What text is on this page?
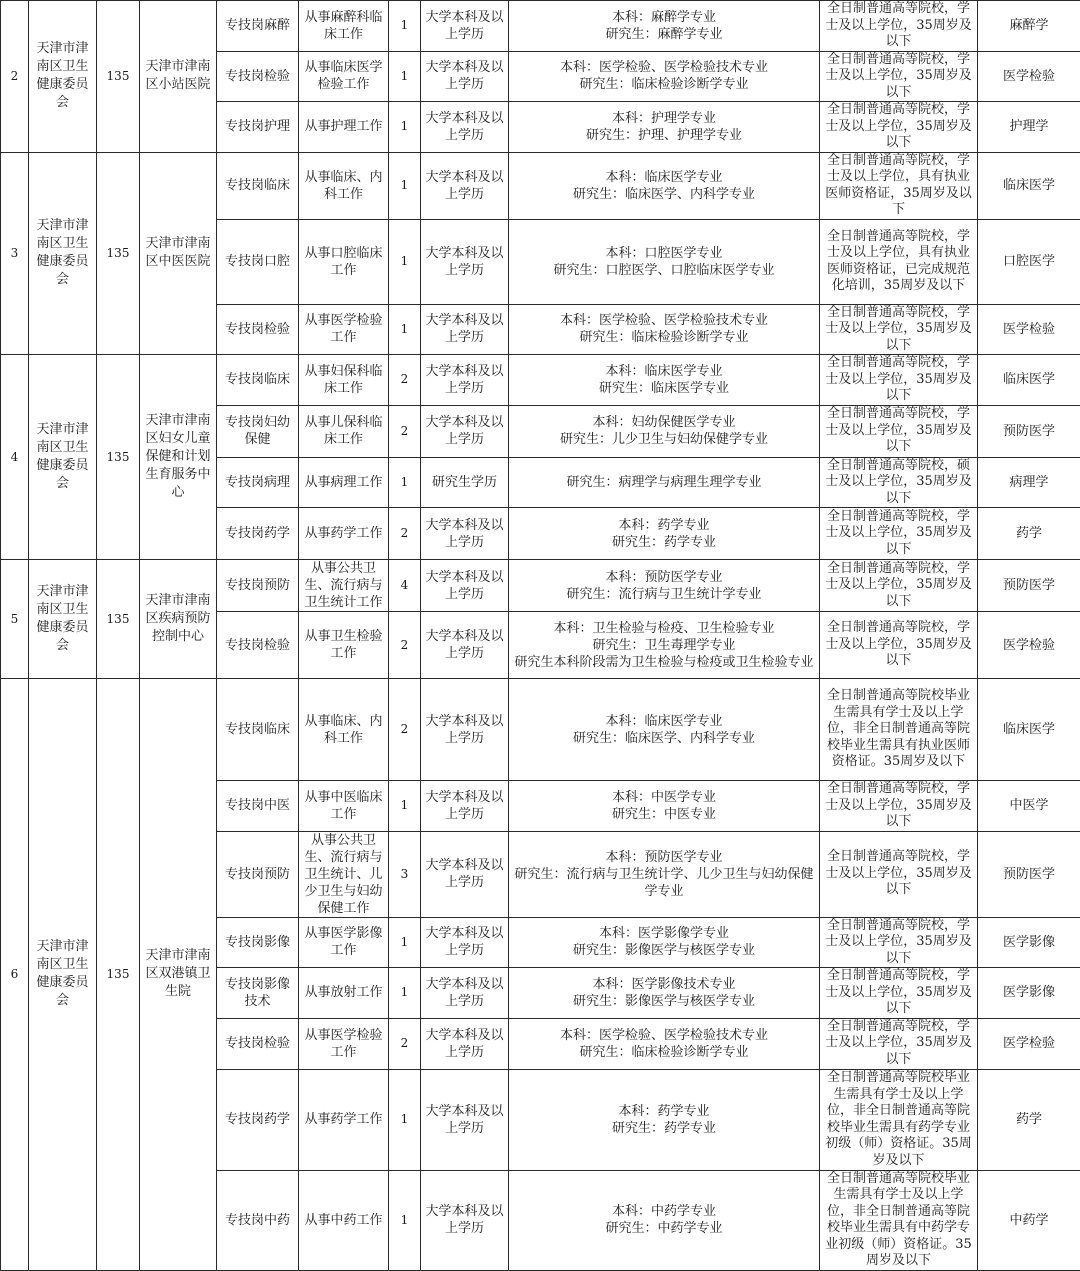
2	天津市津南区卫生健康委员会	135	天津市津南区小站医院	专技岗麻醉	从事麻醉科临床工作	1	大学本科及以上学历	本科：麻醉学专业
研究生：麻醉学专业	全日制普通高等院校，学士及以上学位，35周岁及以下	麻醉学
				专技岗检验	从事临床医学检验工作	1	大学本科及以上学历	本科：医学检验、医学检验技术专业
研究生：临床检验诊断学专业	全日制普通高等院校，学士及以上学位，35周岁及以下	医学检验
				专技岗护理	从事护理工作	1	大学本科及以上学历	本科：护理学专业
研究生：护理、护理学专业	全日制普通高等院校，学士及以上学位，35周岁及以下	护理学
3	天津市津南区卫生健康委员会	135	天津市津南区中医医院	专技岗临床	从事临床、内科工作	1	大学本科及以上学历	本科：临床医学专业
研究生：临床医学、内科学专业	全日制普通高等院校，学士及以上学位，具有执业医师资格证，35周岁及以下	临床医学
				专技岗口腔	从事口腔临床工作	1	大学本科及以上学历	本科：口腔医学专业
研究生：口腔医学、口腔临床医学专业	全日制普通高等院校，学士及以上学位，具有执业医师资格证，已完成规范化培训，35周岁及以下	口腔医学
				专技岗检验	从事医学检验工作	1	大学本科及以上学历	本科：医学检验、医学检验技术专业
研究生：临床检验诊断学专业	全日制普通高等院校，学士及以上学位，35周岁及以下	医学检验
4	天津市津南区卫生健康委员会	135	天津市津南区妇女儿童保健和计划生育服务中心	专技岗临床	从事妇保科临床工作	2	大学本科及以上学历	本科：临床医学专业
研究生：临床医学专业	全日制普通高等院校，学士及以上学位，35周岁及以下	临床医学
				专技岗妇幼保健	从事儿保科临床工作	2	大学本科及以上学历	本科：妇幼保健医学专业
研究生：儿少卫生与妇幼保健学专业	全日制普通高等院校，学士及以上学位，35周岁及以下	预防医学
				专技岗病理	从事病理工作	1	研究生学历	研究生：病理学与病理生理学专业	全日制普通高等院校，硕士及以上学位，35周岁及以下	病理学
				专技岗药学	从事药学工作	2	大学本科及以上学历	本科：药学专业
研究生：药学专业	全日制普通高等院校，学士及以上学位，35周岁及以下	药学
5	天津市津南区卫生健康委员会	135	天津市津南区疾病预防控制中心	专技岗预防	从事公共卫生、流行病与卫生统计工作	4	大学本科及以上学历	本科：预防医学专业
研究生：流行病与卫生统计学专业	全日制普通高等院校，学士及以上学位，35周岁及以下	预防医学
				专技岗检验	从事卫生检验工作	2	大学本科及以上学历	本科：卫生检验与检疫、卫生检验专业
研究生：卫生毒理学专业
研究生本科阶段需为卫生检验与检疫或卫生检验专业	全日制普通高等院校，学士及以上学位，35周岁及以下	医学检验
6	天津市津南区卫生健康委员会	135	天津市津南区双港镇卫生院	专技岗临床	从事临床、内科工作	2	大学本科及以上学历	本科：临床医学专业
研究生：临床医学、内科学专业	全日制普通高等院校毕业生需具有学士及以上学位，非全日制普通高等院校毕业生需具有执业医师资格证。35周岁及以下	临床医学
				专技岗中医	从事中医临床工作	1	大学本科及以上学历	本科：中医学专业
研究生：中医专业	全日制普通高等院校，学士及以上学位，35周岁及以下	中医学
				专技岗预防	从事公共卫生、流行病与卫生统计、儿少卫生与妇幼保健工作	3	大学本科及以上学历	本科：预防医学专业
研究生：流行病与卫生统计学、儿少卫生与妇幼保健学专业	全日制普通高等院校，学士及以上学位，35周岁及以下	预防医学
				专技岗影像	从事医学影像工作	1	大学本科及以上学历	本科：医学影像学专业
研究生：影像医学与核医学专业	全日制普通高等院校，学士及以上学位，35周岁及以下	医学影像
				专技岗影像技术	从事放射工作	1	大学本科及以上学历	本科：医学影像技术专业
研究生：影像医学与核医学专业	全日制普通高等院校，学士及以上学位，35周岁及以下	医学影像
				专技岗检验	从事医学检验工作	2	大学本科及以上学历	本科：医学检验、医学检验技术专业
研究生：临床检验诊断学专业	全日制普通高等院校，学士及以上学位，35周岁及以下	医学检验
				专技岗药学	从事药学工作	1	大学本科及以上学历	本科：药学专业
研究生：药学专业	全日制普通高等院校毕业生需具有学士及以上学位，非全日制普通高等院校毕业生需具有药学专业初级（师）资格证。35周岁及以下	药学
				专技岗中药	从事中药工作	1	大学本科及以上学历	本科：中药学专业
研究生：中药学专业	全日制普通高等院校毕业生需具有学士及以上学位，非全日制普通高等院校毕业生需具有中药学专业初级（师）资格证。35周岁及以下	中药学
